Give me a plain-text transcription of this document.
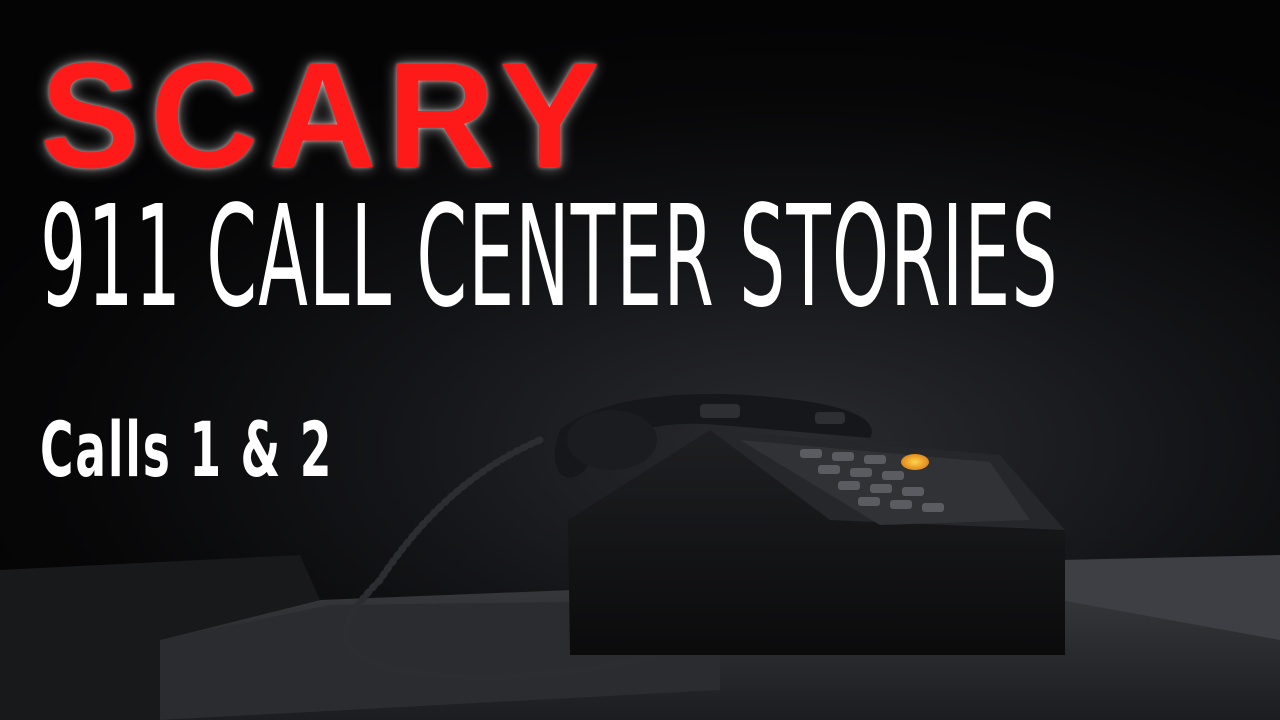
SCARY
911 CALL CENTER STORIES
Calls 1 & 2
